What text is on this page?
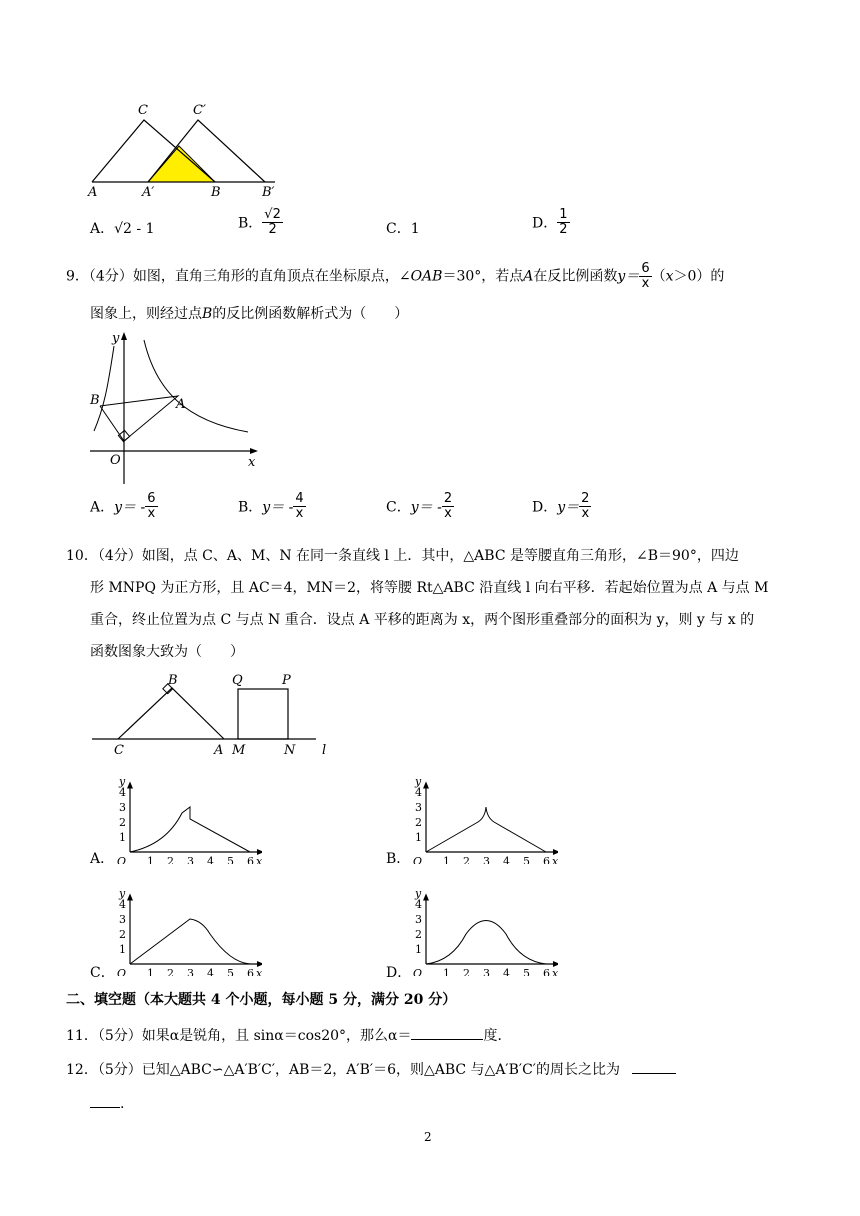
C	C′
A	A′	B	B′
A．√2 - 1	B． $\frac{√2}{2}$	C．1	D． $\frac{1}{2}$
9．（4分）如图，直角三角形的直角顶点在坐标原点，∠OAB＝30°，若点A在反比例函数$y= \frac{6}{x} (x>0)$的
图象上，则经过点B的反比例函数解析式为（　　）
y
x
O
A
B
A．$y= - \frac{6}{x}$	B．$y= - \frac{4}{x}$	C．$y= - \frac{2}{x}$	D．$y= \frac{2}{x}$
10．（4分）如图，点 C、A、M、N 在同一条直线 l 上．其中，△ABC 是等腰直角三角形，∠B＝90°，四边
形 MNPQ 为正方形，且 AC＝4，MN＝2，将等腰 Rt△ABC 沿直线 l 向右平移．若起始位置为点 A 与点 M
重合，终止位置为点 C 与点 N 重合．设点 A 平移的距离为 x，两个图形重叠部分的面积为 y，则 y 与 x 的
函数图象大致为（　　）
B	Q	P
C	A M	N l
A．	B．
C．	D．
1 2 3 4 5 6
1
2
3
4
O	x
y
1 2 3 4 5 6
1
2
3
4
O	x
y
1 2 3 4 5 6
1
2
3
4
O	x
y
1 2 3 4 5 6
1
2
3
4
O	x
y
二、填空题（本大题共 4 个小题，每小题 5 分，满分 20 分）
11．（5分）如果α是锐角，且 sinα＝cos20°，那么α＝	度．
12．（5分）已知△ABC∽△A′B′C′，AB＝2，A′B′＝6，则△ABC 与△A′B′C′的周长之比为
.
2
